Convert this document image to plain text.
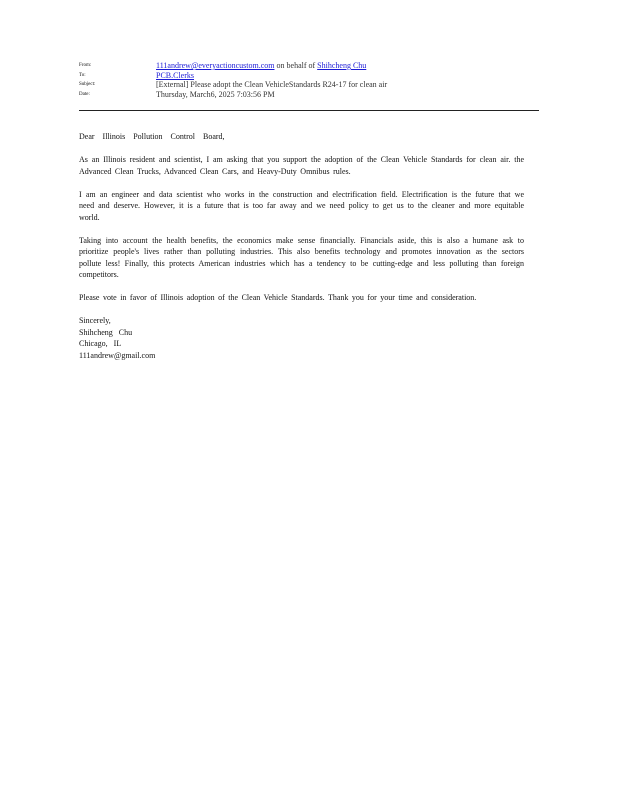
From:	111andrew@everyactioncustom.com on behalf of Shihcheng Chu
To:	PCB.Clerks
Subject:	[External] Please adopt the Clean VehicleStandards R24-17 for clean air
Date:	Thursday, March6, 2025 7:03:56 PM

Dear Illinois Pollution Control Board,

As an Illinois resident and scientist, I am asking that you support the adoption of the Clean Vehicle Standards for clean air. the Advanced Clean Trucks, Advanced Clean Cars, and Heavy-Duty Omnibus rules.

I am an engineer and data scientist who works in the construction and electrification field. Electrification is the future that we need and deserve. However, it is a future that is too far away and we need policy to get us to the cleaner and more equitable world.

Taking into account the health benefits, the economics make sense financially. Financials aside, this is also a humane ask to prioritize people's lives rather than polluting industries. This also benefits technology and promotes innovation as the sectors pollute less! Finally, this protects American industries which has a tendency to be cutting-edge and less polluting than foreign competitors.

Please vote in favor of Illinois adoption of the Clean Vehicle Standards. Thank you for your time and consideration.

Sincerely,

Shihcheng Chu

Chicago, IL

111andrew@gmail.com
